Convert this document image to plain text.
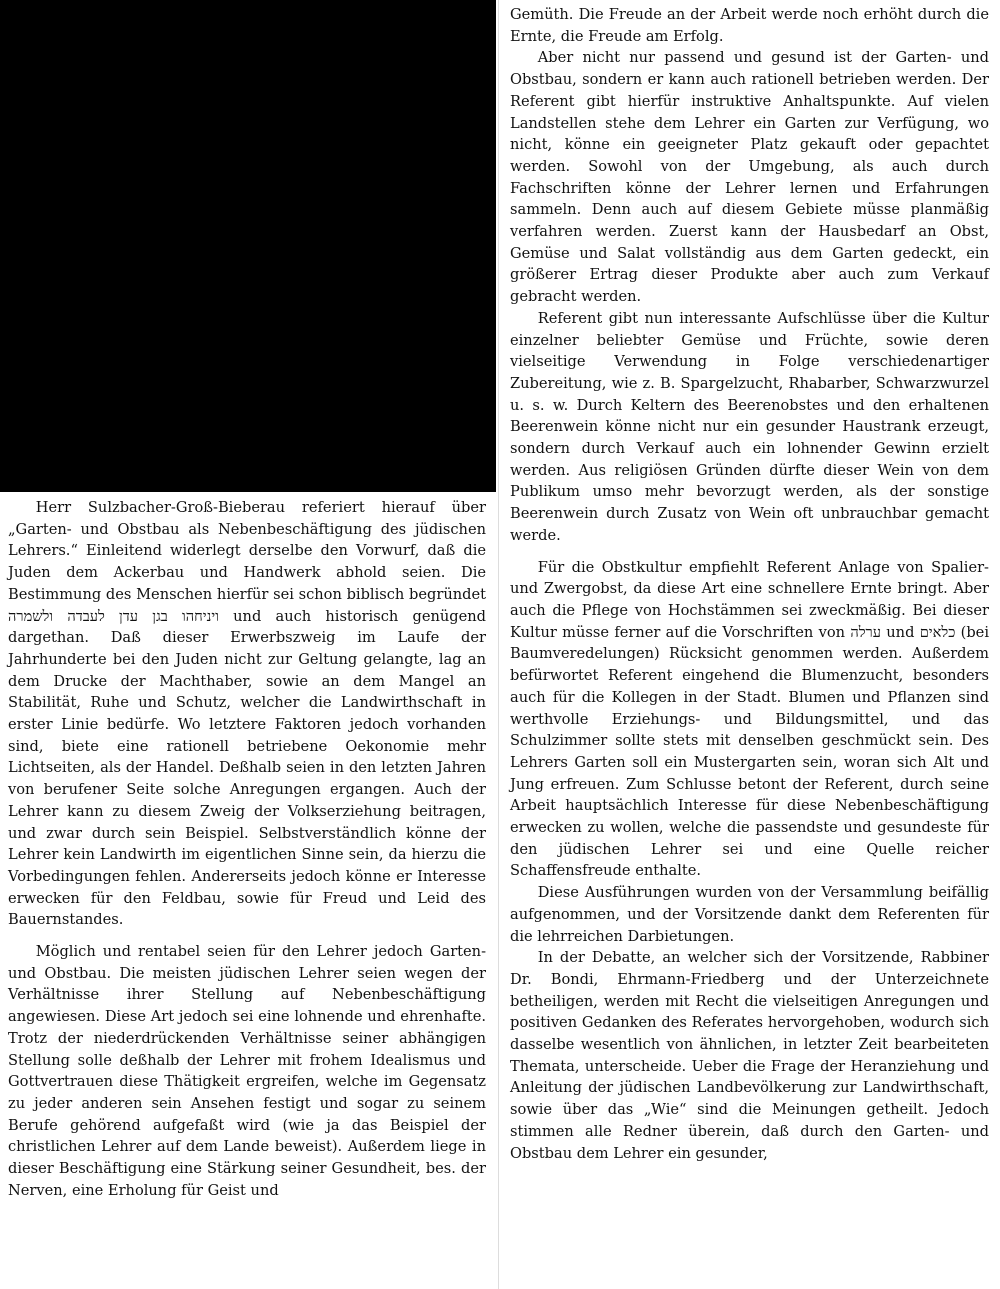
Herr Sulzbacher-Groß-Bieberau referiert hierauf über „Garten- und Obstbau als Nebenbeschäftigung des jüdischen Lehrers.“ Einleitend widerlegt derselbe den Vorwurf, daß die Juden dem Ackerbau und Handwerk abhold seien. Die Bestimmung des Menschen hierfür sei schon biblisch begründet ויניחהו בגן עדן לעבדה ולשמרה und auch historisch genügend dargethan. Daß dieser Erwerbszweig im Laufe der Jahrhunderte bei den Juden nicht zur Geltung gelangte, lag an dem Drucke der Machthaber, sowie an dem Mangel an Stabilität, Ruhe und Schutz, welcher die Landwirthschaft in erster Linie bedürfe. Wo letztere Faktoren jedoch vorhanden sind, biete eine rationell betriebene Oekonomie mehr Lichtseiten, als der Handel. Deßhalb seien in den letzten Jahren von berufener Seite solche Anregungen ergangen. Auch der Lehrer kann zu diesem Zweig der Volkserziehung beitragen, und zwar durch sein Beispiel. Selbstverständlich könne der Lehrer kein Landwirth im eigentlichen Sinne sein, da hierzu die Vorbedingungen fehlen. Andererseits jedoch könne er Interesse erwecken für den Feldbau, sowie für Freud und Leid des Bauernstandes.

Möglich und rentabel seien für den Lehrer jedoch Garten- und Obstbau. Die meisten jüdischen Lehrer seien wegen der Verhältnisse ihrer Stellung auf Nebenbeschäftigung angewiesen. Diese Art jedoch sei eine lohnende und ehrenhafte. Trotz der niederdrückenden Verhältnisse seiner abhängigen Stellung solle deßhalb der Lehrer mit frohem Idealismus und Gottvertrauen diese Thätigkeit ergreifen, welche im Gegensatz zu jeder anderen sein Ansehen festigt und sogar zu seinem Berufe gehörend aufgefaßt wird (wie ja das Beispiel der christlichen Lehrer auf dem Lande beweist). Außerdem liege in dieser Beschäftigung eine Stärkung seiner Gesundheit, bes. der Nerven, eine Erholung für Geist und

Gemüth. Die Freude an der Arbeit werde noch erhöht durch die Ernte, die Freude am Erfolg.

Aber nicht nur passend und gesund ist der Garten- und Obstbau, sondern er kann auch rationell betrieben werden. Der Referent gibt hierfür instruktive Anhaltspunkte. Auf vielen Landstellen stehe dem Lehrer ein Garten zur Verfügung, wo nicht, könne ein geeigneter Platz gekauft oder gepachtet werden. Sowohl von der Umgebung, als auch durch Fachschriften könne der Lehrer lernen und Erfahrungen sammeln. Denn auch auf diesem Gebiete müsse planmäßig verfahren werden. Zuerst kann der Hausbedarf an Obst, Gemüse und Salat vollständig aus dem Garten gedeckt, ein größerer Ertrag dieser Produkte aber auch zum Verkauf gebracht werden.

Referent gibt nun interessante Aufschlüsse über die Kultur einzelner beliebter Gemüse und Früchte, sowie deren vielseitige Verwendung in Folge verschiedenartiger Zubereitung, wie z. B. Spargelzucht, Rhabarber, Schwarzwurzel u. s. w. Durch Keltern des Beerenobstes und den erhaltenen Beerenwein könne nicht nur ein gesunder Haustrank erzeugt, sondern durch Verkauf auch ein lohnender Gewinn erzielt werden. Aus religiösen Gründen dürfte dieser Wein von dem Publikum umso mehr bevorzugt werden, als der sonstige Beerenwein durch Zusatz von Wein oft unbrauchbar gemacht werde.

Für die Obstkultur empfiehlt Referent Anlage von Spalier- und Zwergobst, da diese Art eine schnellere Ernte bringt. Aber auch die Pflege von Hochstämmen sei zweckmäßig. Bei dieser Kultur müsse ferner auf die Vorschriften von ערלה und כלאים (bei Baumveredelungen) Rücksicht genommen werden. Außerdem befürwortet Referent eingehend die Blumenzucht, besonders auch für die Kollegen in der Stadt. Blumen und Pflanzen sind werthvolle Erziehungs- und Bildungsmittel, und das Schulzimmer sollte stets mit denselben geschmückt sein. Des Lehrers Garten soll ein Mustergarten sein, woran sich Alt und Jung erfreuen. Zum Schlusse betont der Referent, durch seine Arbeit hauptsächlich Interesse für diese Nebenbeschäftigung erwecken zu wollen, welche die passendste und gesundeste für den jüdischen Lehrer sei und eine Quelle reicher Schaffensfreude enthalte.

Diese Ausführungen wurden von der Versammlung beifällig aufgenommen, und der Vorsitzende dankt dem Referenten für die lehrreichen Darbietungen.

In der Debatte, an welcher sich der Vorsitzende, Rabbiner Dr. Bondi, Ehrmann-Friedberg und der Unterzeichnete betheiligen, werden mit Recht die vielseitigen Anregungen und positiven Gedanken des Referates hervorgehoben, wodurch sich dasselbe wesentlich von ähnlichen, in letzter Zeit bearbeiteten Themata, unterscheide. Ueber die Frage der Heranziehung und Anleitung der jüdischen Landbevölkerung zur Landwirthschaft, sowie über das „Wie“ sind die Meinungen getheilt. Jedoch stimmen alle Redner überein, daß durch den Garten- und Obstbau dem Lehrer ein gesunder,
